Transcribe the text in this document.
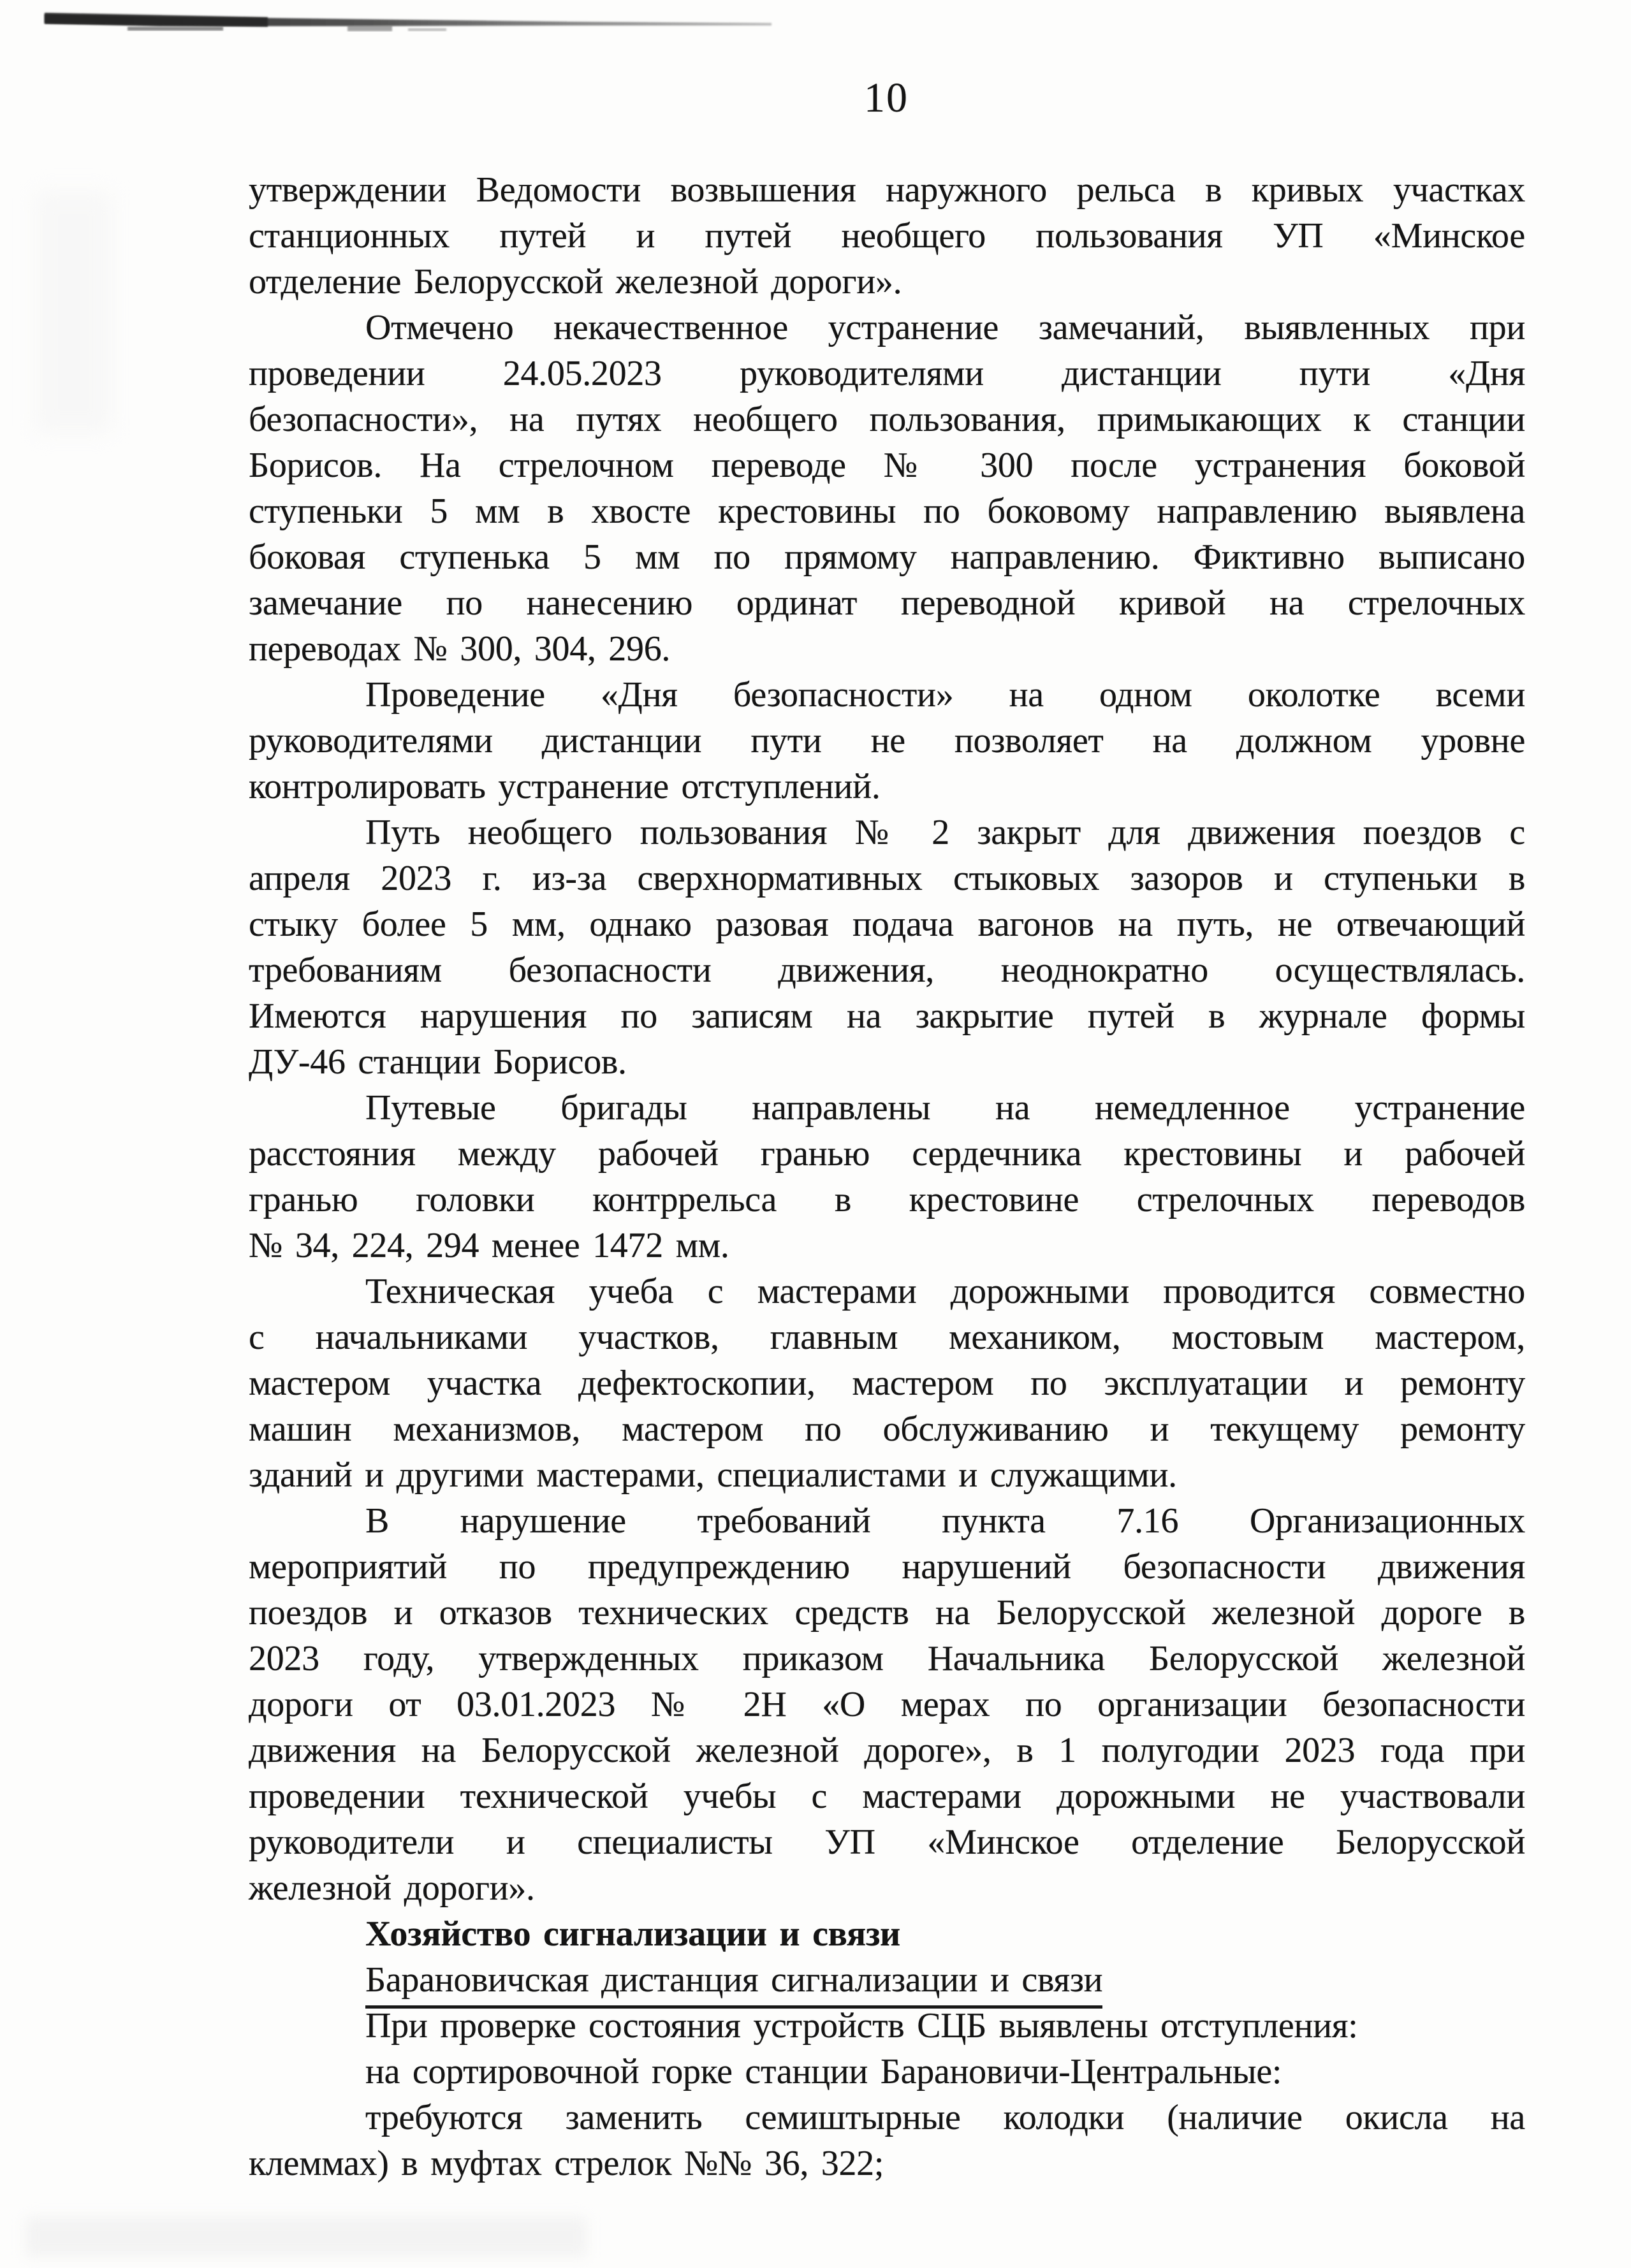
10
утверждении Ведомости возвышения наружного рельса в кривых участках
станционных путей и путей необщего пользования УП «Минское
отделение Белорусской железной дороги».
Отмечено некачественное устранение замечаний, выявленных при
проведении 24.05.2023 руководителями дистанции пути «Дня
безопасности», на путях необщего пользования, примыкающих к станции
Борисов. На стрелочном переводе № 300 после устранения боковой
ступеньки 5 мм в хвосте крестовины по боковому направлению выявлена
боковая ступенька 5 мм по прямому направлению. Фиктивно выписано
замечание по нанесению ординат переводной кривой на стрелочных
переводах № 300, 304, 296.
Проведение «Дня безопасности» на одном околотке всеми
руководителями дистанции пути не позволяет на должном уровне
контролировать устранение отступлений.
Путь необщего пользования № 2 закрыт для движения поездов с
апреля 2023 г. из-за сверхнормативных стыковых зазоров и ступеньки в
стыку более 5 мм, однако разовая подача вагонов на путь, не отвечающий
требованиям безопасности движения, неоднократно осуществлялась.
Имеются нарушения по записям на закрытие путей в журнале формы
ДУ-46 станции Борисов.
Путевые бригады направлены на немедленное устранение
расстояния между рабочей гранью сердечника крестовины и рабочей
гранью головки контррельса в крестовине стрелочных переводов
№ 34, 224, 294 менее 1472 мм.
Техническая учеба с мастерами дорожными проводится совместно
с начальниками участков, главным механиком, мостовым мастером,
мастером участка дефектоскопии, мастером по эксплуатации и ремонту
машин механизмов, мастером по обслуживанию и текущему ремонту
зданий и другими мастерами, специалистами и служащими.
В нарушение требований пункта 7.16 Организационных
мероприятий по предупреждению нарушений безопасности движения
поездов и отказов технических средств на Белорусской железной дороге в
2023 году, утвержденных приказом Начальника Белорусской железной
дороги от 03.01.2023 № 2Н «О мерах по организации безопасности
движения на Белорусской железной дороге», в 1 полугодии 2023 года при
проведении технической учебы с мастерами дорожными не участвовали
руководители и специалисты УП «Минское отделение Белорусской
железной дороги».
Хозяйство сигнализации и связи
Барановичская дистанция сигнализации и связи
При проверке состояния устройств СЦБ выявлены отступления:
на сортировочной горке станции Барановичи-Центральные:
требуются заменить семиштырные колодки (наличие окисла на
клеммах) в муфтах стрелок №№ 36, 322;
